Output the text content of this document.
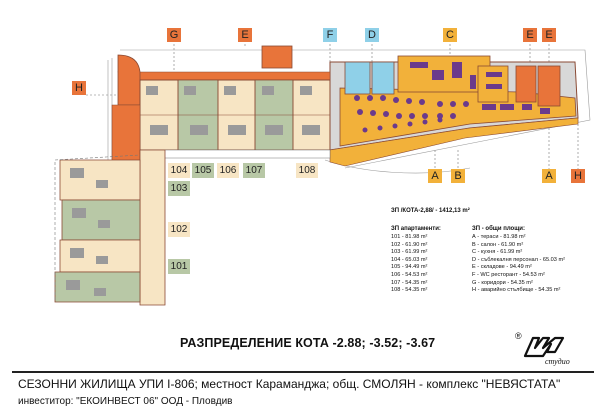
G	E	F	D	C	E	E
H
A	B	A	H
104 105 106 107	108
103
102
101
ЗП /КОТА-2,88/ - 1412,13 m²
ЗП апартаменти:
101 - 81.98 m²
102 - 61.90 m²
103 - 61.99 m²
104 - 65.03 m²
105 - 94.49 m²
106 - 54.53 m²
107 - 54.35 m²
108 - 54.35 m²
ЗП - общи площи:
А - тераси - 81.98 m²
В - салон - 61.90 m²
С - кухня - 61.99 m²
D - съблекалня персонал - 65.03 m²
Е - складове - 94.49 m²
F - WC ресторант - 54.53 m²
G - коридори - 54.35 m²
Н - аварийно стълбище - 54.35 m²
РАЗПРЕДЕЛЕНИЕ КОТА -2.88; -3.52; -3.67	®
студио
СЕЗОННИ ЖИЛИЩА УПИ І-806; местност Караманджа; общ. СМОЛЯН - комплекс "НЕВЯСТАТА"
инвеститор: "ЕКОИНВЕСТ 06" ООД - Пловдив
